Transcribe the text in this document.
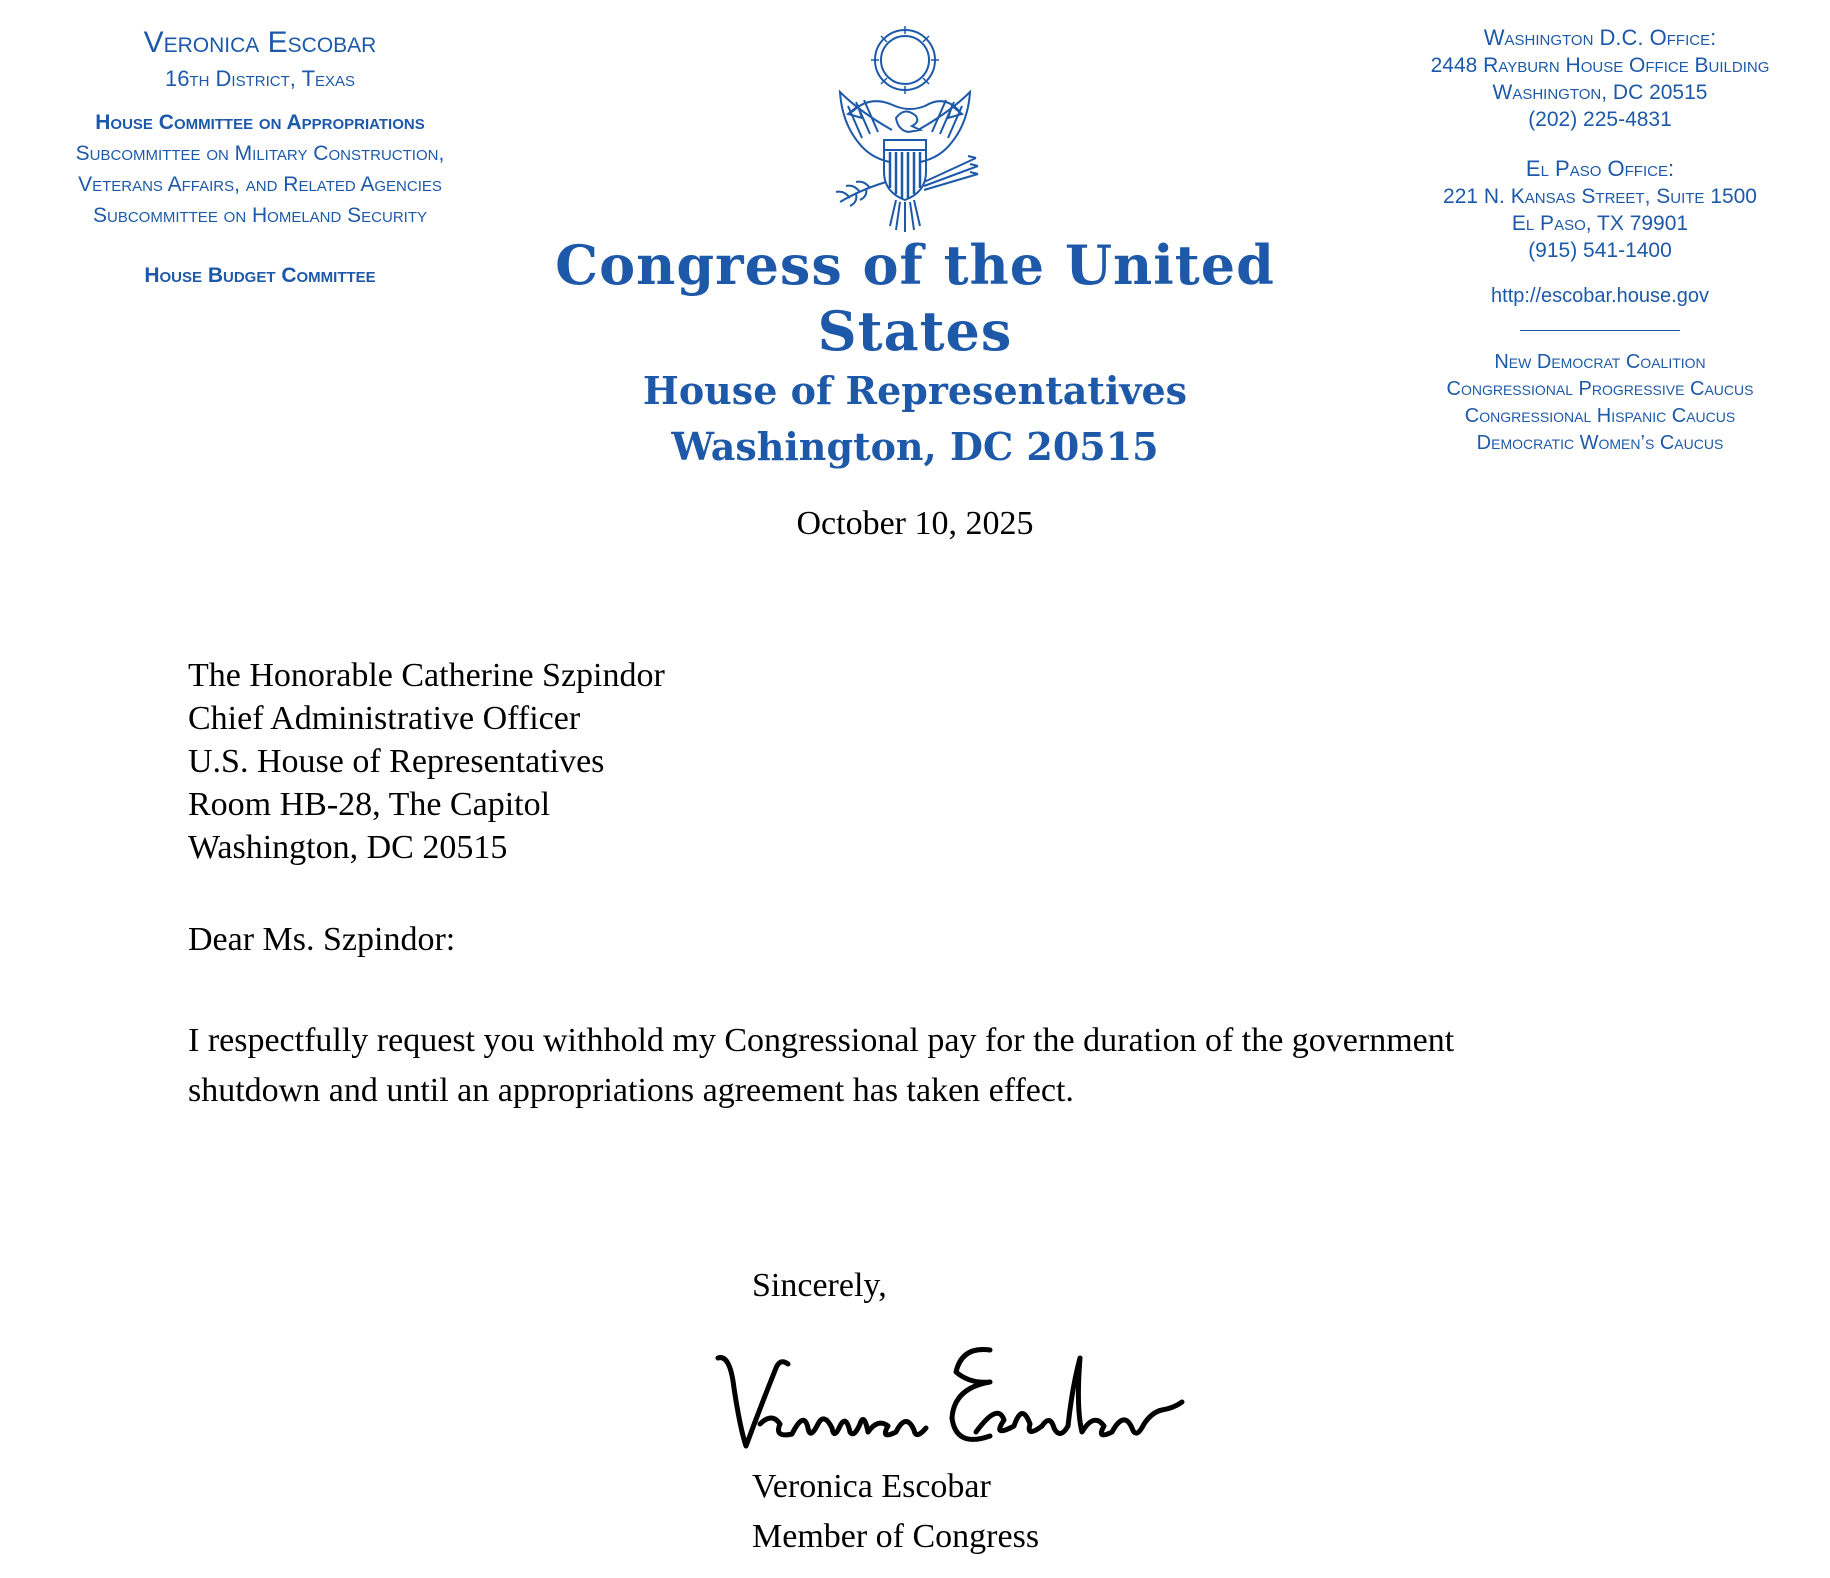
Veronica Escobar
16th District, Texas
House Committee on Appropriations
Subcommittee on Military Construction,
Veterans Affairs, and Related Agencies
Subcommittee on Homeland Security
House Budget Committee	Congress of the United States
House of Representatives
Washington, DC 20515
Washington D.C. Office:
2448 Rayburn House Office Building
Washington, DC 20515
(202) 225-4831
El Paso Office:
221 N. Kansas Street, Suite 1500
El Paso, TX 79901
(915) 541-1400
http://escobar.house.gov
New Democrat Coalition
Congressional Progressive Caucus
Congressional Hispanic Caucus
Democratic Women’s Caucus
October 10, 2025
The Honorable Catherine Szpindor
Chief Administrative Officer
U.S. House of Representatives
Room HB-28, The Capitol
Washington, DC 20515
Dear Ms. Szpindor:
I respectfully request you withhold my Congressional pay for the duration of the government
shutdown and until an appropriations agreement has taken effect.
Sincerely,
Veronica Escobar
Member of Congress
